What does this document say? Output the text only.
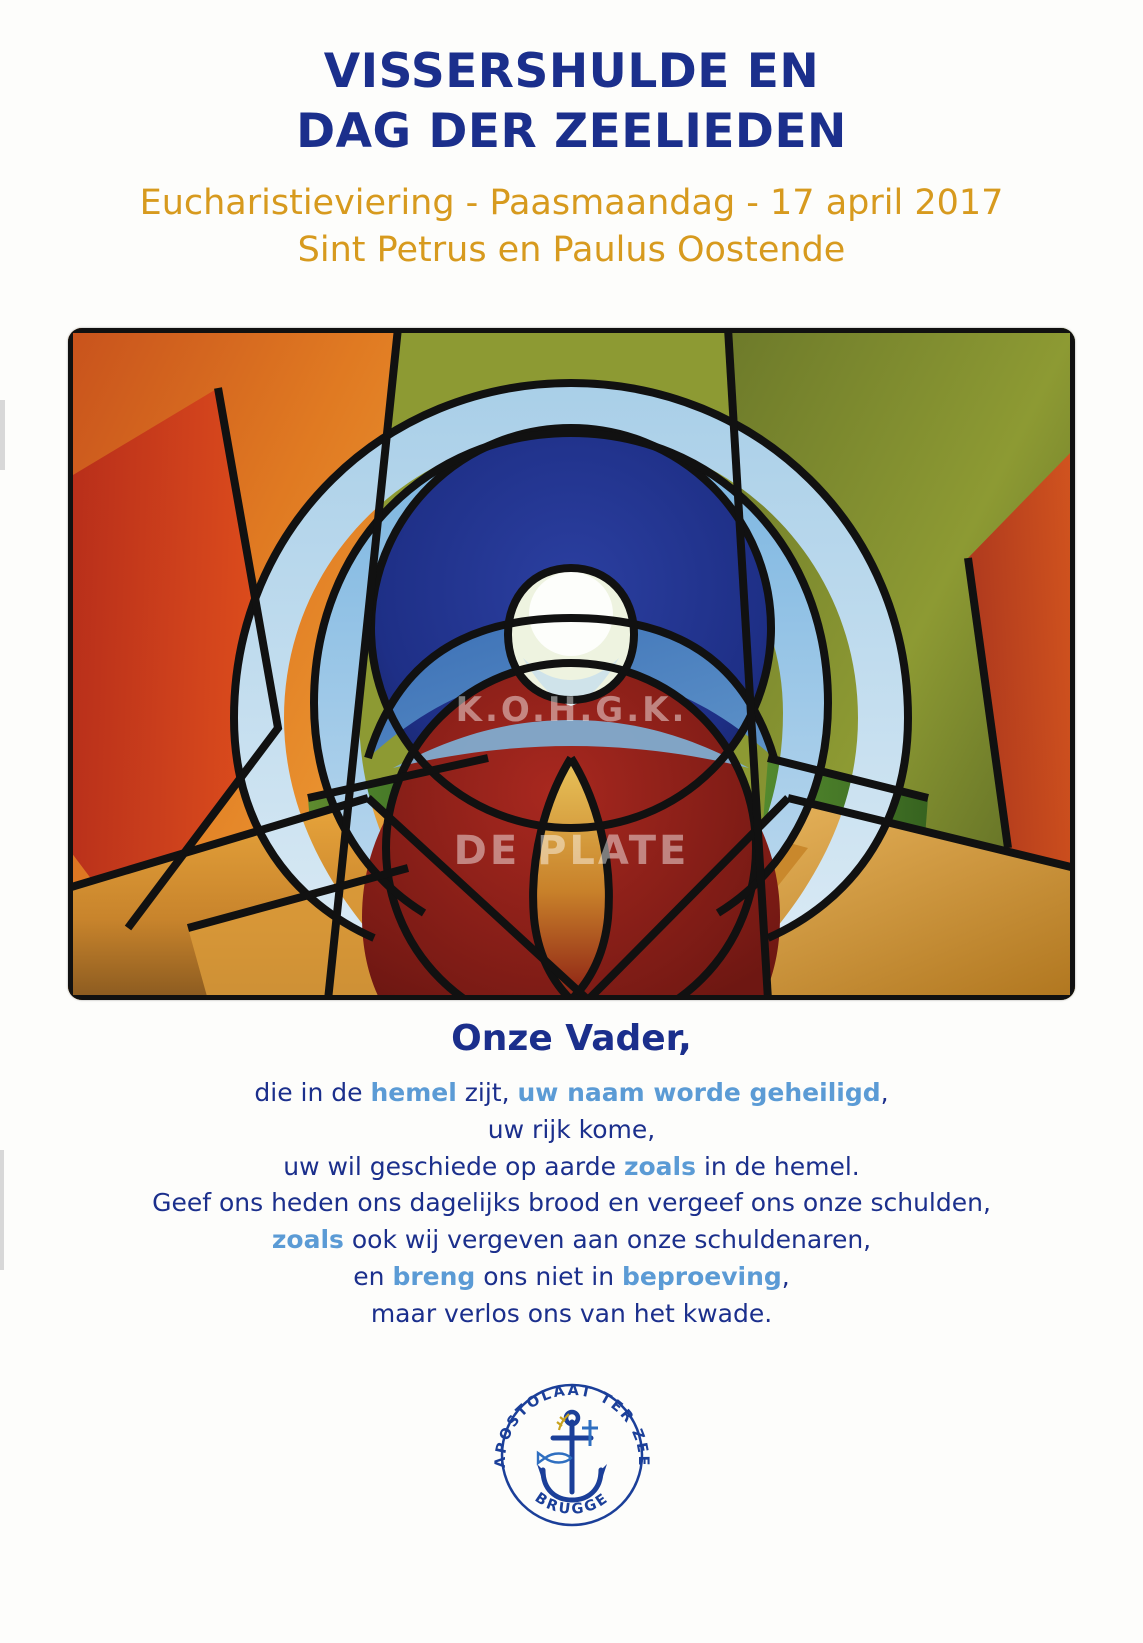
VISSERSHULDE EN
DAG DER ZEELIEDEN
Eucharistieviering - Paasmaandag - 17 april 2017
Sint Petrus en Paulus Oostende
K.O.H.G.K.
DE PLATE
Onze Vader,
die in de hemel zijt, uw naam worde geheiligd,
uw rijk kome,
uw wil geschiede op aarde zoals in de hemel.
Geef ons heden ons dagelijks brood en vergeef ons onze schulden,
zoals ook wij vergeven aan onze schuldenaren,
en breng ons niet in beproeving,
maar verlos ons van het kwade.
APOSTOLAAT TER ZEE
BRUGGE
